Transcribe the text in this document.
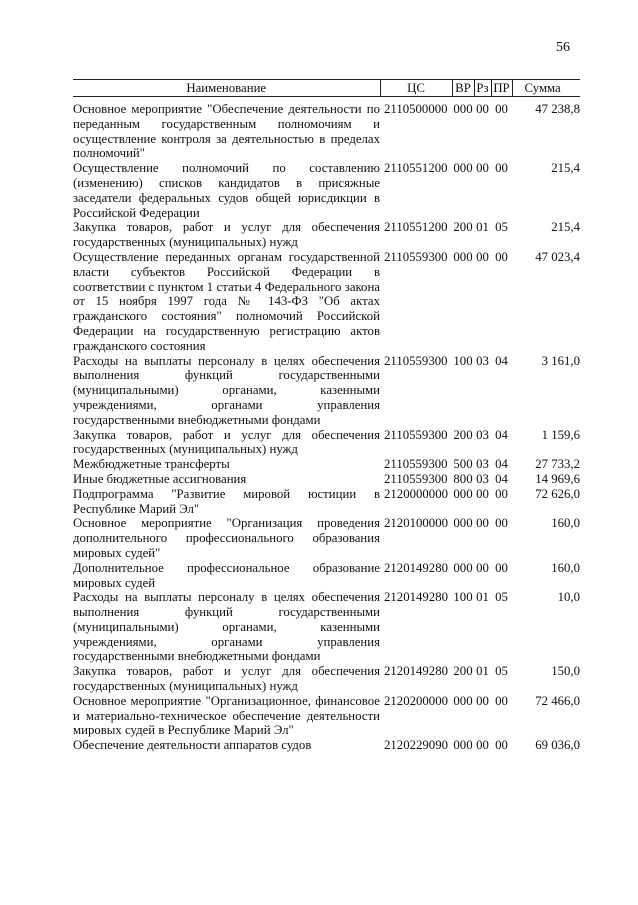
56
Наименование	ЦС	ВР	Рз	ПР	Сумма
Основное мероприятие "Обеспечение деятельности по переданным государственным полномочиям и осуществление контроля за деятельностью в пределах полномочий"	2110500000	000	00	00	47 238,8
Осуществление полномочий по составлению (изменению) списков кандидатов в присяжные заседатели федеральных судов общей юрисдикции в Российской Федерации	2110551200	000	00	00	215,4
Закупка товаров, работ и услуг для обеспечения государственных (муниципальных) нужд	2110551200	200	01	05	215,4
Осуществление переданных органам государственной власти субъектов Российской Федерации в соответствии с пунктом 1 статьи 4 Федерального закона от 15 ноября 1997 года № 143-ФЗ "Об актах гражданского состояния" полномочий Российской Федерации на государственную регистрацию актов гражданского состояния	2110559300	000	00	00	47 023,4
Расходы на выплаты персоналу в целях обеспечения выполнения функций государственными (муниципальными) органами, казенными учреждениями, органами управления государственными внебюджетными фондами	2110559300	100	03	04	3 161,0
Закупка товаров, работ и услуг для обеспечения государственных (муниципальных) нужд	2110559300	200	03	04	1 159,6
Межбюджетные трансферты	2110559300	500	03	04	27 733,2
Иные бюджетные ассигнования	2110559300	800	03	04	14 969,6
Подпрограмма "Развитие мировой юстиции в Республике Марий Эл"	2120000000	000	00	00	72 626,0
Основное мероприятие "Организация проведения дополнительного профессионального образования мировых судей"	2120100000	000	00	00	160,0
Дополнительное профессиональное образование мировых судей	2120149280	000	00	00	160,0
Расходы на выплаты персоналу в целях обеспечения выполнения функций государственными (муниципальными) органами, казенными учреждениями, органами управления государственными внебюджетными фондами	2120149280	100	01	05	10,0
Закупка товаров, работ и услуг для обеспечения государственных (муниципальных) нужд	2120149280	200	01	05	150,0
Основное мероприятие "Организационное, финансовое и материально-техническое обеспечение деятельности мировых судей в Республике Марий Эл"	2120200000	000	00	00	72 466,0
Обеспечение деятельности аппаратов судов	2120229090	000	00	00	69 036,0
